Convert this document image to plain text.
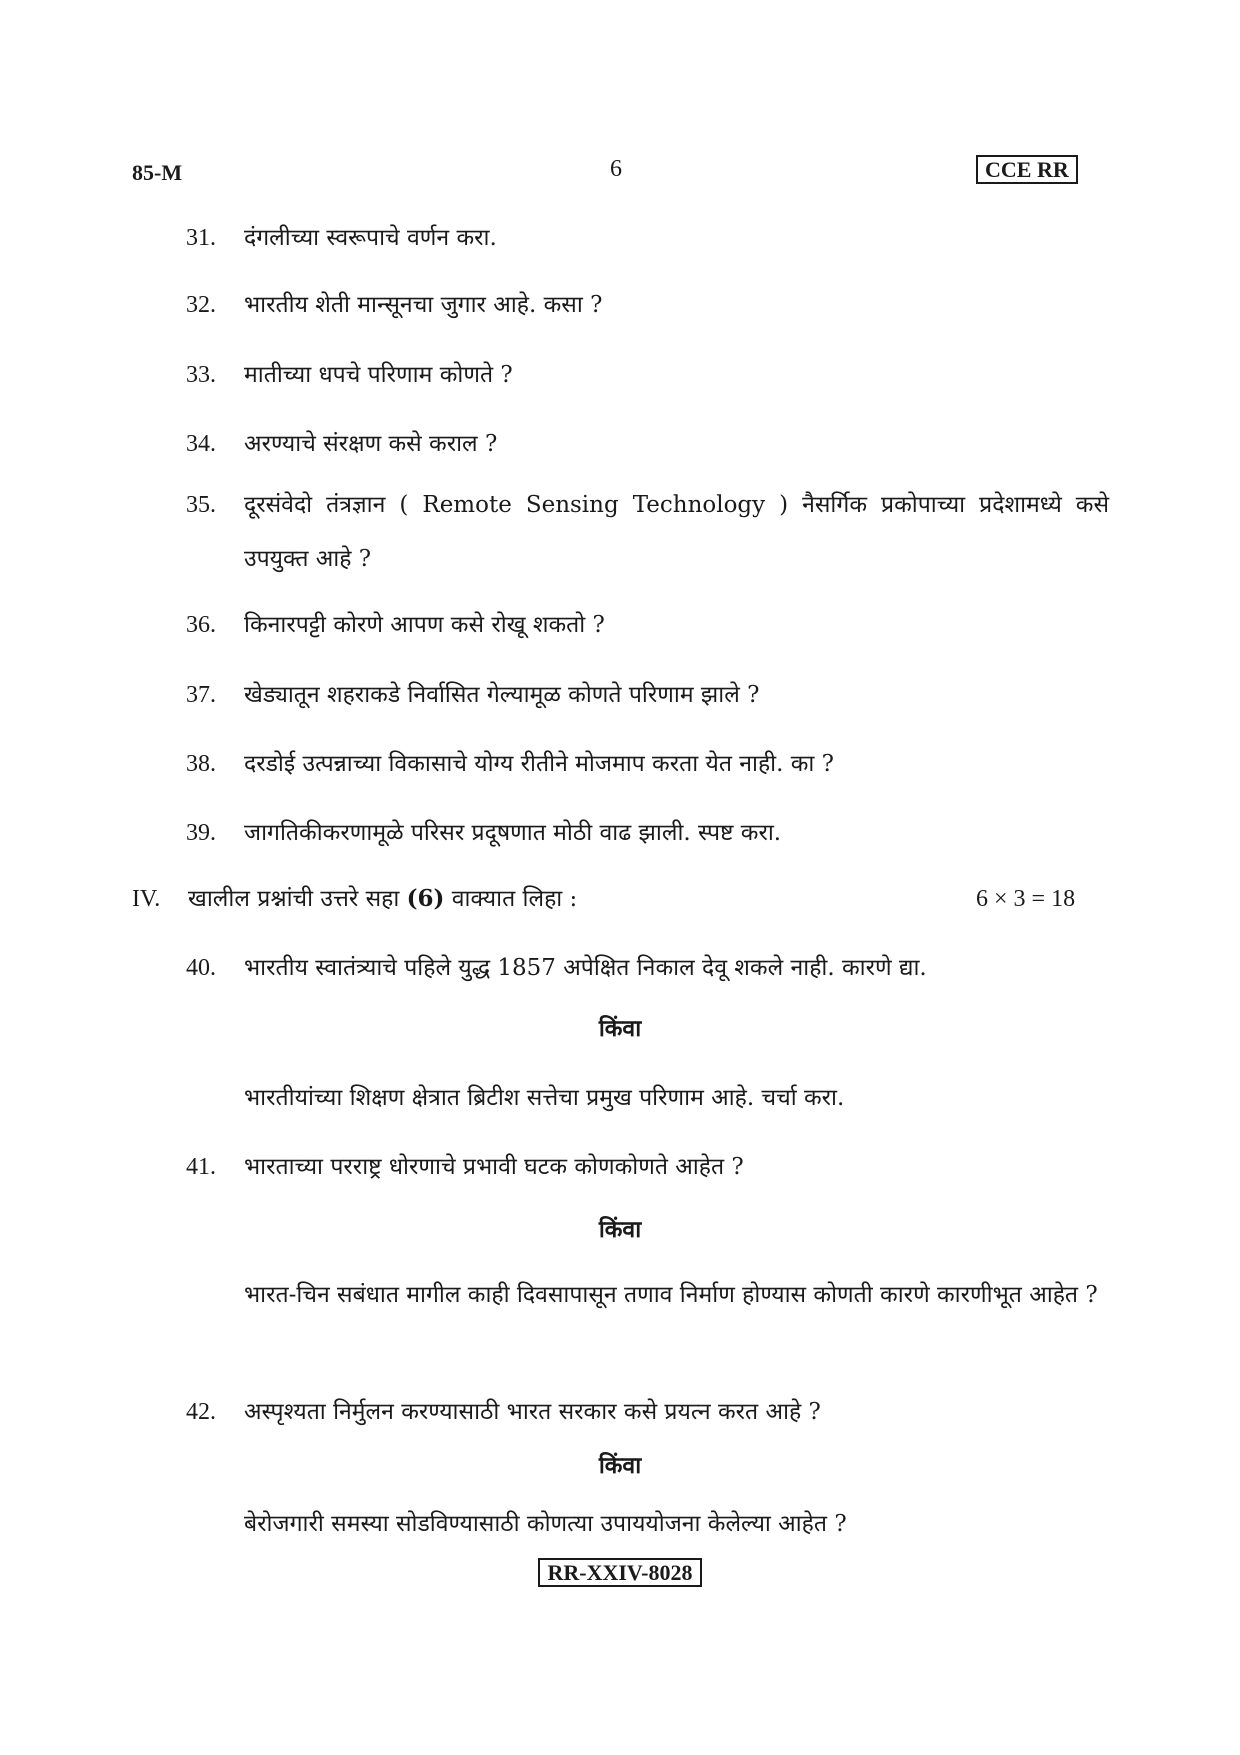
85-M	6	CCE RR
31.	दंगलीच्या स्वरूपाचे वर्णन करा.
32.	भारतीय शेती मान्सूनचा जुगार आहे. कसा ?
33.	मातीच्या धपचे परिणाम कोणते ?
34.	अरण्याचे संरक्षण कसे कराल ?
35.	दूरसंवेदो तंत्रज्ञान ( Remote Sensing Technology ) नैसर्गिक प्रकोपाच्या प्रदेशामध्ये कसे उपयुक्त आहे ?
36.	किनारपट्टी कोरणे आपण कसे रोखू शकतो ?
37.	खेड्यातून शहराकडे निर्वासित गेल्यामूळ कोणते परिणाम झाले ?
38.	दरडोई उत्पन्नाच्या विकासाचे योग्य रीतीने मोजमाप करता येत नाही. का ?
39.	जागतिकीकरणामूळे परिसर प्रदूषणात मोठी वाढ झाली. स्पष्ट करा.
IV. खालील प्रश्नांची उत्तरे सहा (6) वाक्यात लिहा :	6 × 3 = 18
40.	भारतीय स्वातंत्र्याचे पहिले युद्ध 1857 अपेक्षित निकाल देवू शकले नाही. कारणे द्या.
किंवा
भारतीयांच्या शिक्षण क्षेत्रात ब्रिटीश सत्तेचा प्रमुख परिणाम आहे. चर्चा करा.
41.	भारताच्या परराष्ट्र धोरणाचे प्रभावी घटक कोणकोणते आहेत ?
किंवा
भारत-चिन सबंधात मागील काही दिवसापासून तणाव निर्माण होण्यास कोणती कारणे कारणीभूत आहेत ?
42.	अस्पृश्यता निर्मुलन करण्यासाठी भारत सरकार कसे प्रयत्न करत आहे ?
किंवा
बेरोजगारी समस्या सोडविण्यासाठी कोणत्या उपाययोजना केलेल्या आहेत ?
RR-XXIV-8028
